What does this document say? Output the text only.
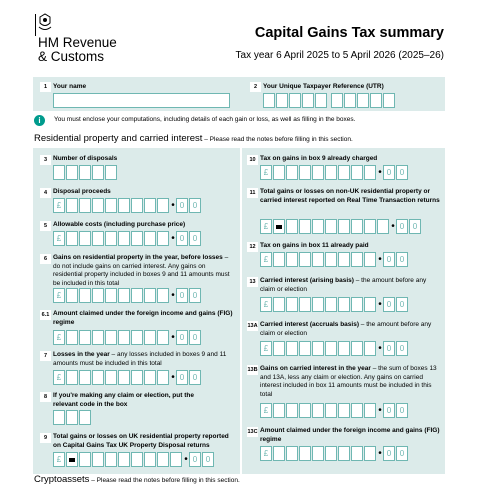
HM Revenue
& Customs
Capital Gains Tax summary
Tax year 6 April 2025 to 5 April 2026 (2025–26)
1 Your name	2 Your Unique Taxpayer Reference (UTR)
i	You must enclose your computations, including details of each gain or loss, as well as filling in the boxes.
Residential property and carried interest – Please read the notes before filling in this section.
3 Number of disposals
4 Disposal proceeds
£	• 0	0
5 Allowable costs (including purchase price)
£	• 0	0
6 Gains on residential property in the year, before losses – do not include gains on carried interest. Any gains on residential property included in boxes 9 and 11 amounts must be included in this total
£	• 0	0
6.1 Amount claimed under the foreign income and gains (FIG) regime
£	• 0	0
7 Losses in the year – any losses included in boxes 9 and 11 amounts must be included in this total
£	• 0	0
8 If you're making any claim or election, put the relevant code in the box
9 Total gains or losses on UK residential property reported on Capital Gains Tax UK Property Disposal returns
£	• 0	0
10 Tax on gains in box 9 already charged
£	• 0	0
11 Total gains or losses on non-UK residential property or carried interest reported on Real Time Transaction returns
£	• 0	0
12 Tax on gains in box 11 already paid
£	• 0	0
13 Carried interest (arising basis) – the amount before any claim or election
£	• 0	0
13A Carried interest (accruals basis) – the amount before any claim or election
£	• 0	0
13B Gains on carried interest in the year – the sum of boxes 13 and 13A, less any claim or election. Any gains on carried interest included in box 11 amounts must be included in this total
£	• 0	0
13C Amount claimed under the foreign income and gains (FIG) regime
£	• 0	0
Cryptoassets – Please read the notes before filling in this section.
